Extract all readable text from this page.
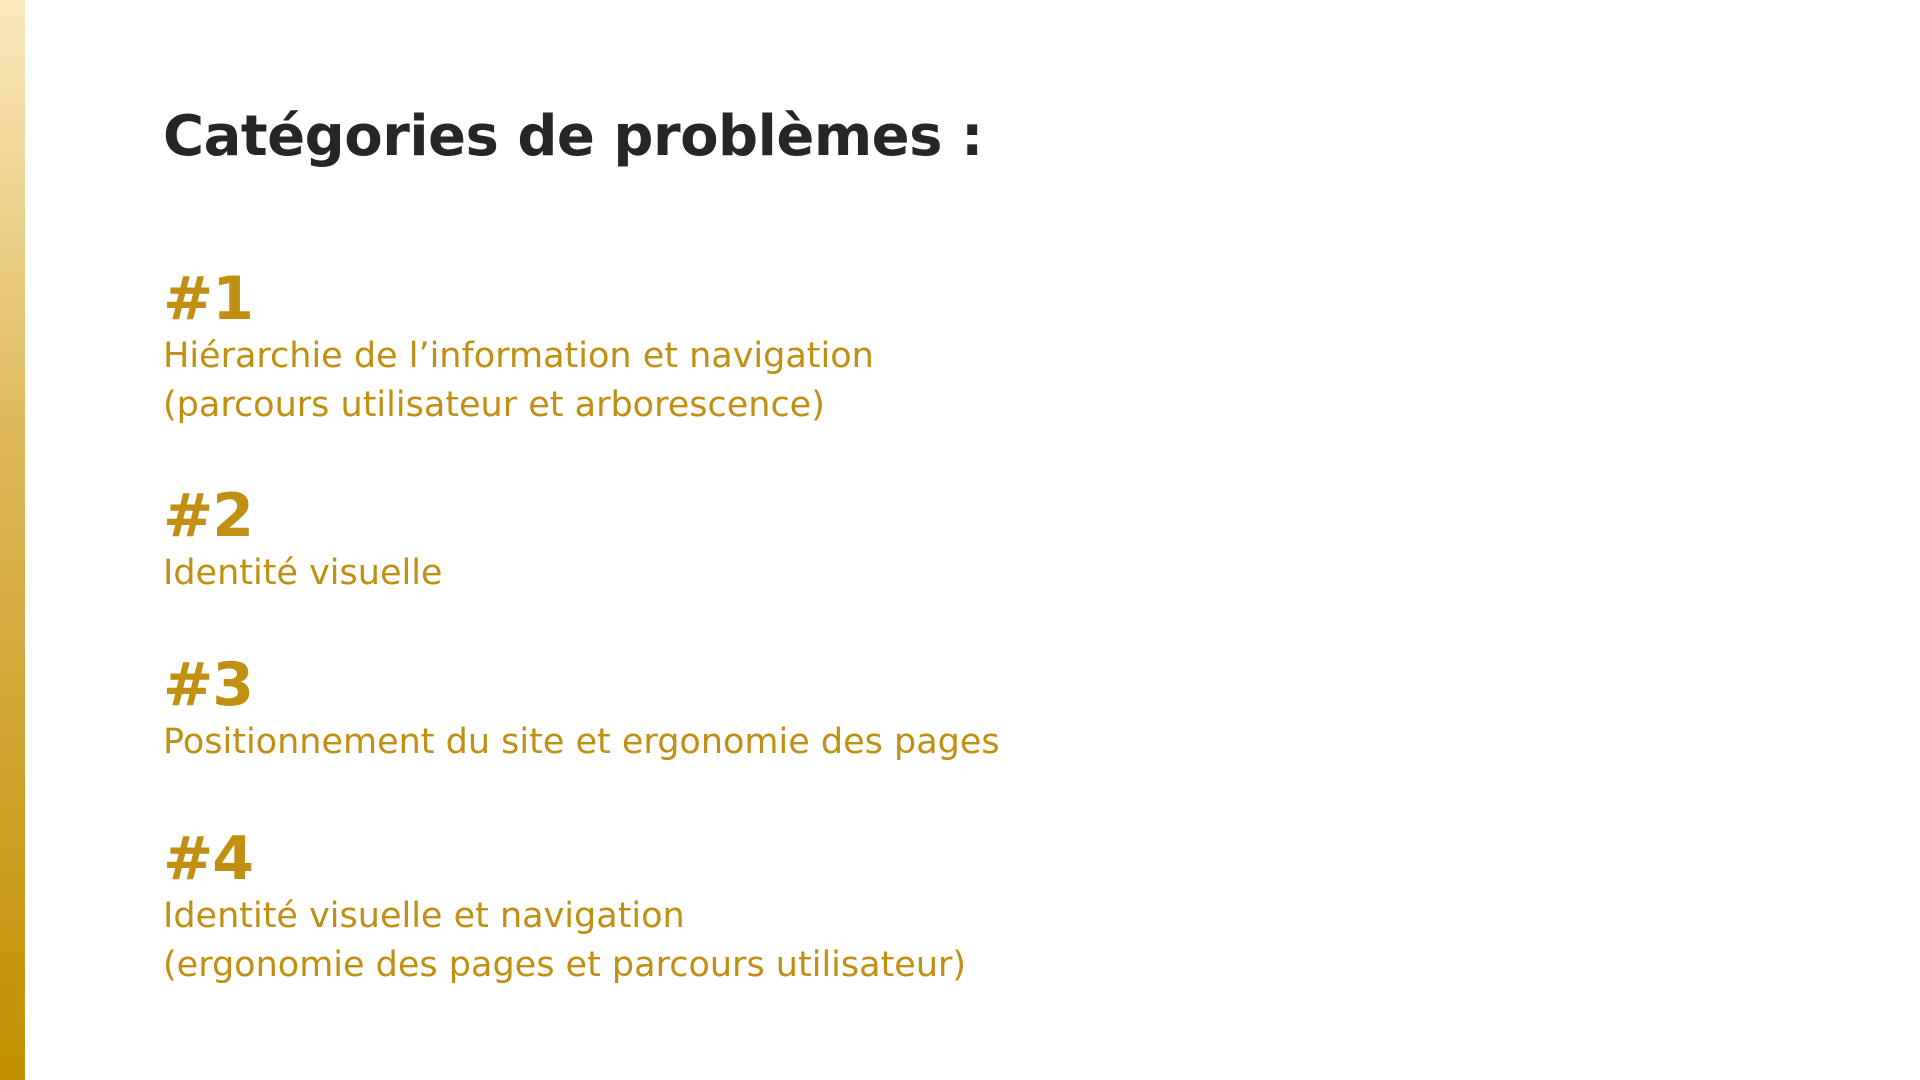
Catégories de problèmes :
#1
Hiérarchie de l’information et navigation
(parcours utilisateur et arborescence)
#2
Identité visuelle
#3
Positionnement du site et ergonomie des pages
#4
Identité visuelle et navigation
(ergonomie des pages et parcours utilisateur)
